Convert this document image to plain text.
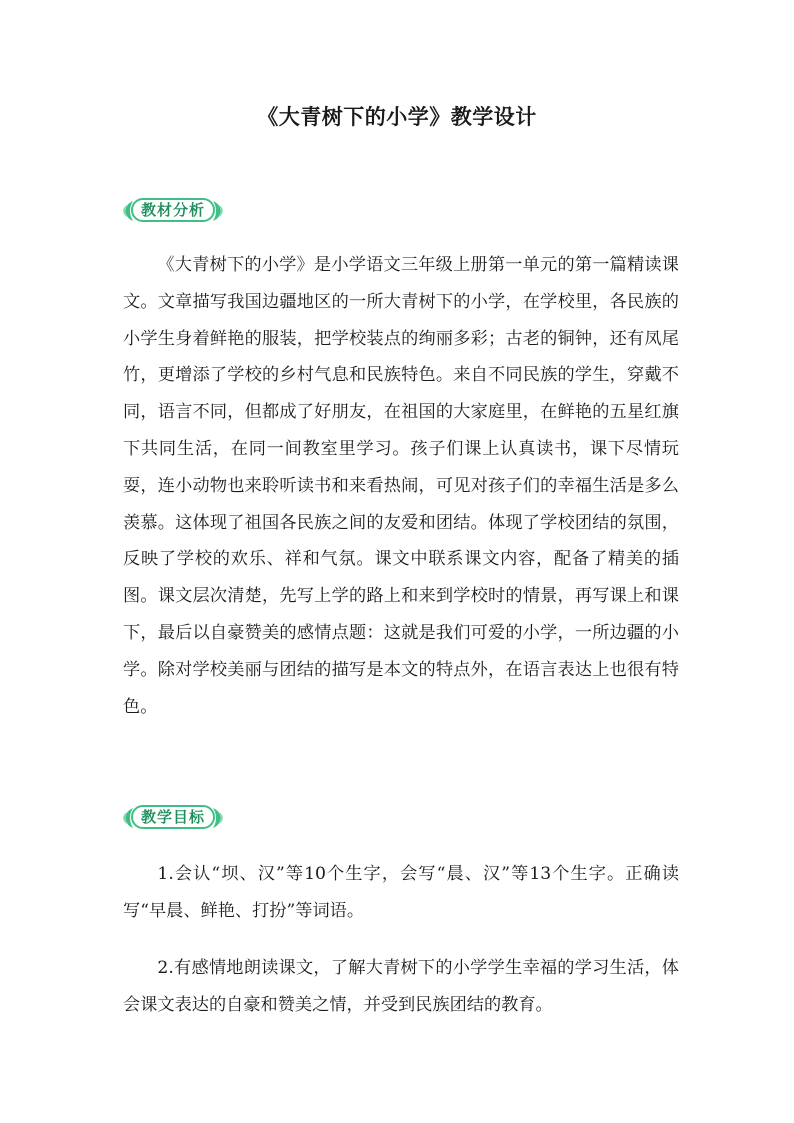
《大青树下的小学》教学设计
教材分析

《大青树下的小学》是小学语文三年级上册第一单元的第一篇精读课文。文章描写我国边疆地区的一所大青树下的小学，在学校里，各民族的小学生身着鲜艳的服装，把学校装点的绚丽多彩；古老的铜钟，还有凤尾竹，更增添了学校的乡村气息和民族特色。来自不同民族的学生，穿戴不同，语言不同，但都成了好朋友，在祖国的大家庭里，在鲜艳的五星红旗下共同生活，在同一间教室里学习。孩子们课上认真读书，课下尽情玩耍，连小动物也来聆听读书和来看热闹，可见对孩子们的幸福生活是多么羡慕。这体现了祖国各民族之间的友爱和团结。体现了学校团结的氛围，反映了学校的欢乐、祥和气氛。课文中联系课文内容，配备了精美的插图。课文层次清楚，先写上学的路上和来到学校时的情景，再写课上和课下，最后以自豪赞美的感情点题：这就是我们可爱的小学，一所边疆的小学。除对学校美丽与团结的描写是本文的特点外，在语言表达上也很有特色。

教学目标

1.会认“坝、汉”等10个生字，会写“晨、汉”等13个生字。正确读写“早晨、鲜艳、打扮”等词语。

2.有感情地朗读课文，了解大青树下的小学学生幸福的学习生活，体会课文表达的自豪和赞美之情，并受到民族团结的教育。
